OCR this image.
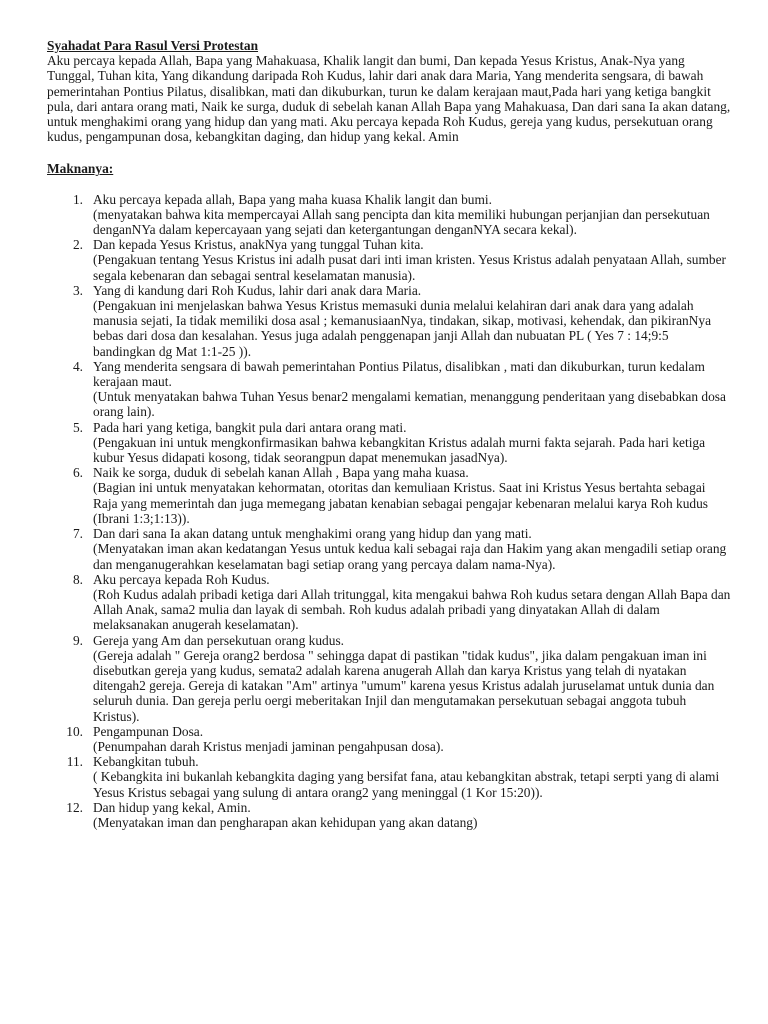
Syahadat Para Rasul Versi Protestan

Aku percaya kepada Allah, Bapa yang Mahakuasa, Khalik langit dan bumi, Dan kepada Yesus Kristus, Anak-Nya yang Tunggal, Tuhan kita, Yang dikandung daripada Roh Kudus, lahir dari anak dara Maria, Yang menderita sengsara, di bawah pemerintahan Pontius Pilatus, disalibkan, mati dan dikuburkan, turun ke dalam kerajaan maut,Pada hari yang ketiga bangkit pula, dari antara orang mati, Naik ke surga, duduk di sebelah kanan Allah Bapa yang Mahakuasa, Dan dari sana Ia akan datang, untuk menghakimi orang yang hidup dan yang mati. Aku percaya kepada Roh Kudus, gereja yang kudus, persekutuan orang kudus, pengampunan dosa, kebangkitan daging, dan hidup yang kekal. Amin

Maknanya:

1. Aku percaya kepada allah, Bapa yang maha kuasa Khalik langit dan bumi.
(menyatakan bahwa kita mempercayai Allah sang pencipta dan kita memiliki hubungan perjanjian dan persekutuan denganNYa dalam kepercayaan yang sejati dan ketergantungan denganNYA secara kekal).
2. Dan kepada Yesus Kristus, anakNya yang tunggal Tuhan kita.
(Pengakuan tentang Yesus Kristus ini adalh pusat dari inti iman kristen. Yesus Kristus adalah penyataan Allah, sumber segala kebenaran dan sebagai sentral keselamatan manusia).
3. Yang di kandung dari Roh Kudus, lahir dari anak dara Maria.
(Pengakuan ini menjelaskan bahwa Yesus Kristus memasuki dunia melalui kelahiran dari anak dara yang adalah manusia sejati, Ia tidak memiliki dosa asal ; kemanusiaanNya, tindakan, sikap, motivasi, kehendak, dan pikiranNya bebas dari dosa dan kesalahan. Yesus juga adalah penggenapan janji Allah dan nubuatan PL ( Yes 7 : 14;9:5 bandingkan dg Mat 1:1-25 )).
4. Yang menderita sengsara di bawah pemerintahan Pontius Pilatus, disalibkan , mati dan dikuburkan, turun kedalam kerajaan maut.
(Untuk menyatakan bahwa Tuhan Yesus benar2 mengalami kematian, menanggung penderitaan yang disebabkan dosa orang lain).
5. Pada hari yang ketiga, bangkit pula dari antara orang mati.
(Pengakuan ini untuk mengkonfirmasikan bahwa kebangkitan Kristus adalah murni fakta sejarah. Pada hari ketiga kubur Yesus didapati kosong, tidak seorangpun dapat menemukan jasadNya).
6. Naik ke sorga, duduk di sebelah kanan Allah , Bapa yang maha kuasa.
(Bagian ini untuk menyatakan kehormatan, otoritas dan kemuliaan Kristus. Saat ini Kristus Yesus bertahta sebagai Raja yang memerintah dan juga memegang jabatan kenabian sebagai pengajar kebenaran melalui karya Roh kudus (Ibrani 1:3;1:13)).
7. Dan dari sana Ia akan datang untuk menghakimi orang yang hidup dan yang mati.
(Menyatakan iman akan kedatangan Yesus untuk kedua kali sebagai raja dan Hakim yang akan mengadili setiap orang dan menganugerahkan keselamatan bagi setiap orang yang percaya dalam nama-Nya).
8. Aku percaya kepada Roh Kudus.
(Roh Kudus adalah pribadi ketiga dari Allah tritunggal, kita mengakui bahwa Roh kudus setara dengan Allah Bapa dan Allah Anak, sama2 mulia dan layak di sembah. Roh kudus adalah pribadi yang dinyatakan Allah di dalam melaksanakan anugerah keselamatan).
9. Gereja yang Am dan persekutuan orang kudus.
(Gereja adalah " Gereja orang2 berdosa " sehingga dapat di pastikan "tidak kudus", jika dalam pengakuan iman ini disebutkan gereja yang kudus, semata2 adalah karena anugerah Allah dan karya Kristus yang telah di nyatakan ditengah2 gereja. Gereja di katakan "Am" artinya "umum" karena yesus Kristus adalah juruselamat untuk dunia dan seluruh dunia. Dan gereja perlu oergi meberitakan Injil dan mengutamakan persekutuan sebagai anggota tubuh Kristus).
10. Pengampunan Dosa.
(Penumpahan darah Kristus menjadi jaminan pengahpusan dosa).
11. Kebangkitan tubuh.
( Kebangkita ini bukanlah kebangkita daging yang bersifat fana, atau kebangkitan abstrak, tetapi serpti yang di alami Yesus Kristus sebagai yang sulung di antara orang2 yang meninggal (1 Kor 15:20)).
12. Dan hidup yang kekal, Amin.
(Menyatakan iman dan pengharapan akan kehidupan yang akan datang)
